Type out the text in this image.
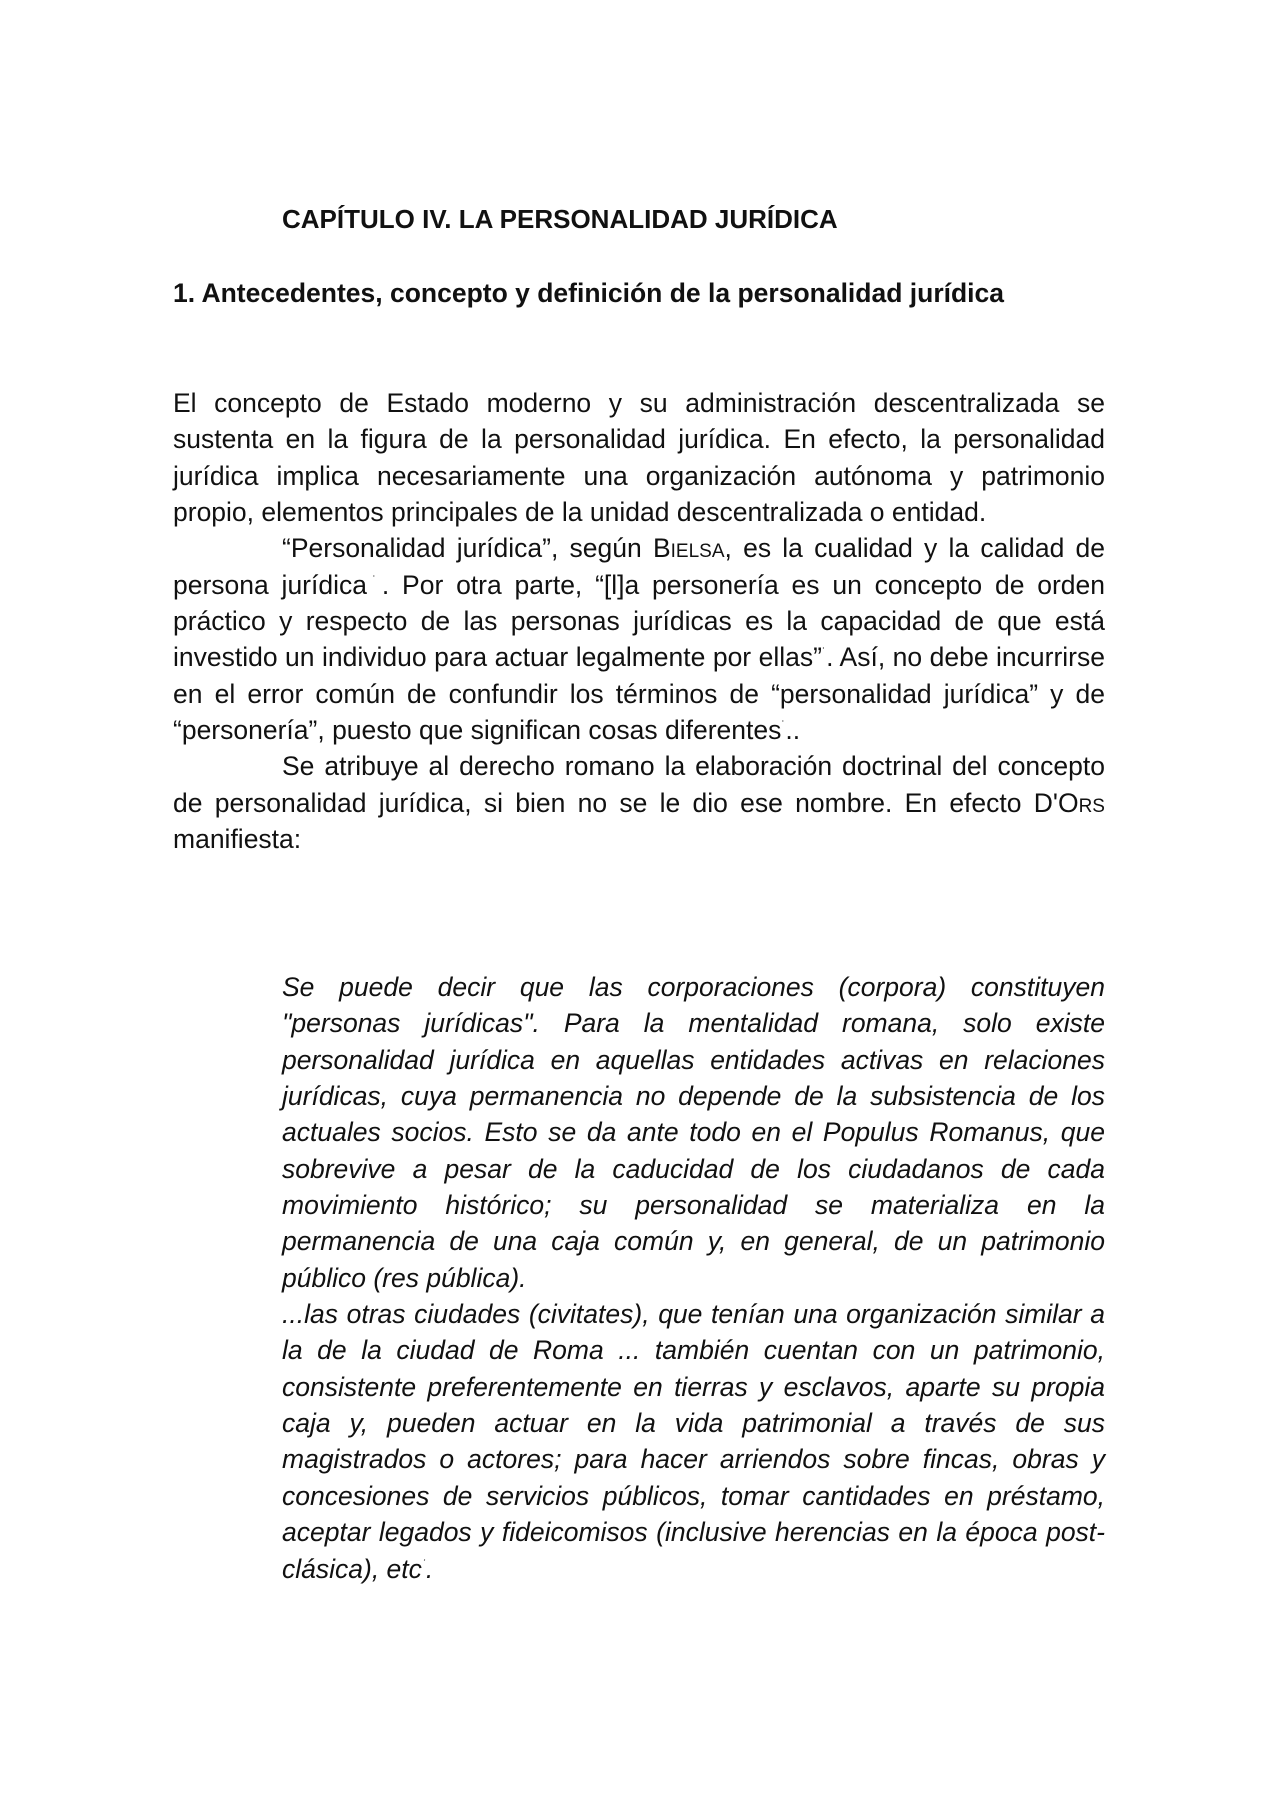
CAPÍTULO IV. LA PERSONALIDAD JURÍDICA
1. Antecedentes, concepto y definición de la personalidad jurídica

El concepto de Estado moderno y su administración descentralizada se sustenta en la figura de la personalidad jurídica. En efecto, la personalidad jurídica implica necesariamente una organización autónoma y patrimonio propio, elementos principales de la unidad descentralizada o entidad.

“Personalidad jurídica”, según Bielsa, es la cualidad y la calidad de persona jurídica˙. Por otra parte, “[l]a personería es un concepto de orden práctico y respecto de las personas jurídicas es la capacidad de que está investido un individuo para actuar legalmente por ellas”˙. Así, no debe incurrirse en el error común de confundir los términos de “personalidad jurídica” y de “personería”, puesto que significan cosas diferentes˙..

Se atribuye al derecho romano la elaboración doctrinal del concepto de personalidad jurídica, si bien no se le dio ese nombre. En efecto D'Ors manifiesta:

Se puede decir que las corporaciones (corpora) constituyen "personas jurídicas". Para la mentalidad romana, solo existe personalidad jurídica en aquellas entidades activas en relaciones jurídicas, cuya permanencia no depende de la subsistencia de los actuales socios. Esto se da ante todo en el Populus Romanus, que sobrevive a pesar de la caducidad de los ciudadanos de cada movimiento histórico; su personalidad se materializa en la permanencia de una caja común y, en general, de un patrimonio público (res pública).

...las otras ciudades (civitates), que tenían una organización similar a la de la ciudad de Roma ... también cuentan con un patrimonio, consistente preferentemente en tierras y esclavos, aparte su propia caja y, pueden actuar en la vida patrimonial a través de sus magistrados o actores; para hacer arriendos sobre fincas, obras y concesiones de servicios públicos, tomar cantidades en préstamo, aceptar legados y fideicomisos (inclusive herencias en la época post-clásica), etc˙.
